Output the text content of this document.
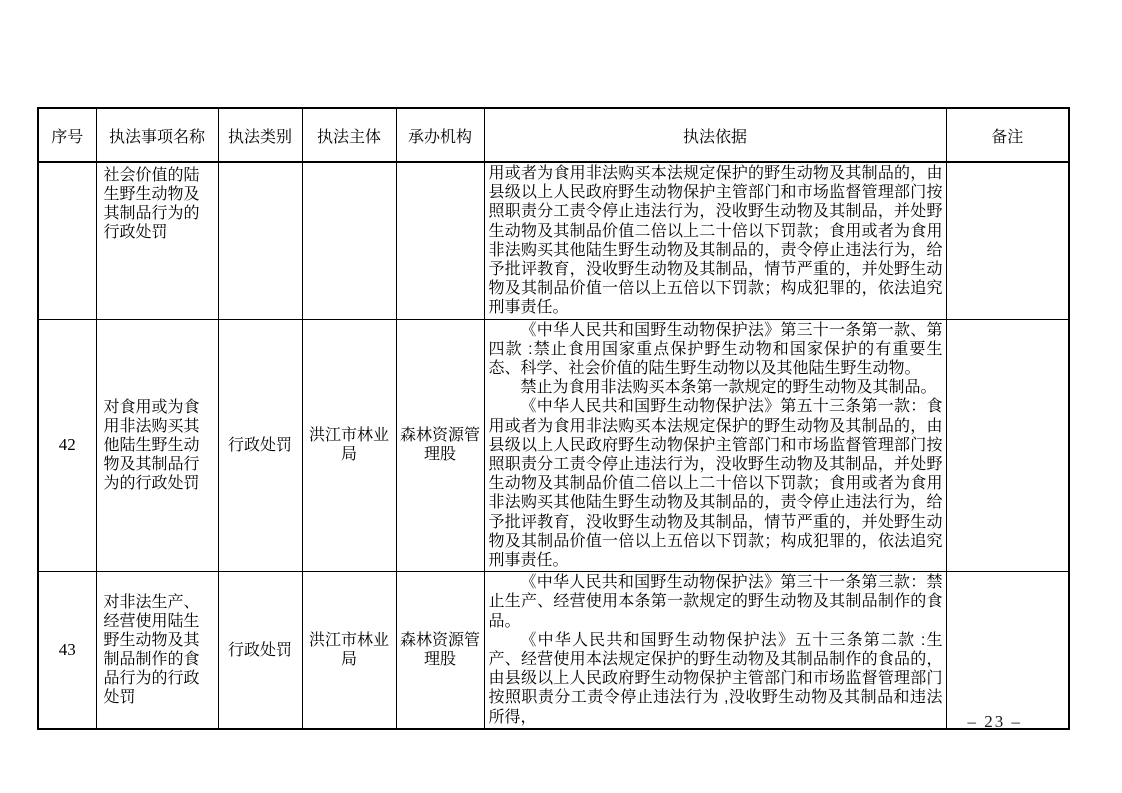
序号	执法事项名称	执法类别	执法主体	承办机构	执法依据	备注
	社会价值的陆生野生动物及其制品行为的行政处罚				用或者为食用非法购买本法规定保护的野生动物及其制品的，由县级以上人民政府野生动物保护主管部门和市场监督管理部门按照职责分工责令停止违法行为，没收野生动物及其制品，并处野生动物及其制品价值二倍以上二十倍以下罚款；食用或者为食用非法购买其他陆生野生动物及其制品的，责令停止违法行为，给予批评教育，没收野生动物及其制品，情节严重的，并处野生动物及其制品价值一倍以上五倍以下罚款；构成犯罪的，依法追究刑事责任。	

42	对食用或为食用非法购买其他陆生野生动物及其制品行为的行政处罚	行政处罚	洪江市林业局	森林资源管理股	《中华人民共和国野生动物保护法》第三十一条第一款、第四款 :禁止食用国家重点保护野生动物和国家保护的有重要生态、科学、社会价值的陆生野生动物以及其他陆生野生动物。

禁止为食用非法购买本条第一款规定的野生动物及其制品。

《中华人民共和国野生动物保护法》第五十三条第一款：食用或者为食用非法购买本法规定保护的野生动物及其制品的，由县级以上人民政府野生动物保护主管部门和市场监督管理部门按照职责分工责令停止违法行为，没收野生动物及其制品，并处野生动物及其制品价值二倍以上二十倍以下罚款；食用或者为食用非法购买其他陆生野生动物及其制品的，责令停止违法行为，给予批评教育，没收野生动物及其制品，情节严重的，并处野生动物及其制品价值一倍以上五倍以下罚款；构成犯罪的，依法追究刑事责任。	

43	对非法生产、经营使用陆生野生动物及其制品制作的食品行为的行政处罚	行政处罚	洪江市林业局	森林资源管理股	《中华人民共和国野生动物保护法》第三十一条第三款：禁止生产、经营使用本条第一款规定的野生动物及其制品制作的食品。

《中华人民共和国野生动物保护法》五十三条第二款 :生产、经营使用本法规定保护的野生动物及其制品制作的食品的，由县级以上人民政府野生动物保护主管部门和市场监督管理部门按照职责分工责令停止违法行为 ,没收野生动物及其制品和违法所得，	

		– 23 –
